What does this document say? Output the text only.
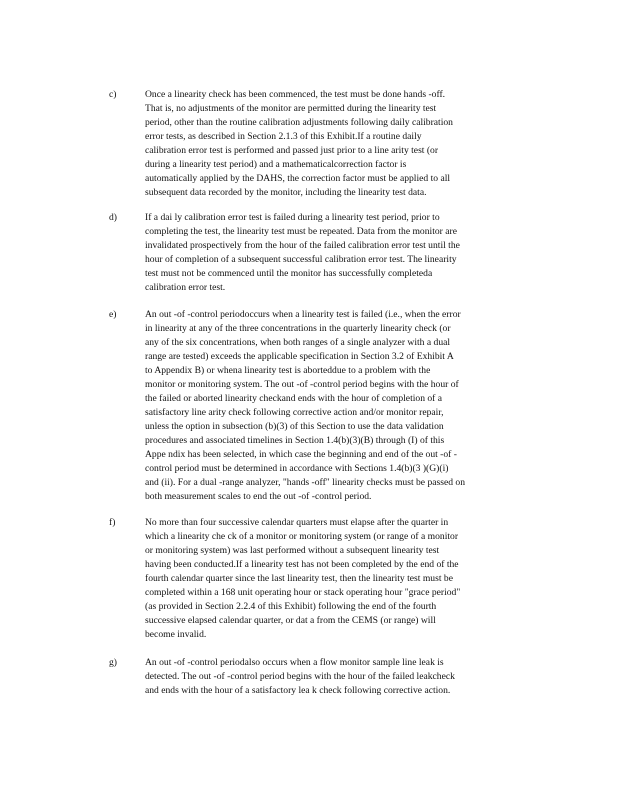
c)	Once a linearity check has been commenced, the test must be done hands -off.
That is, no adjustments of the monitor are permitted during the linearity test
period, other than the routine calibration adjustments following daily calibration
error tests, as described in Section 2.1.3 of this Exhibit.If a routine daily
calibration error test is performed and passed just prior to a line arity test (or
during a linearity test period) and a mathematicalcorrection factor is
automatically applied by the DAHS, the correction factor must be applied to all
subsequent data recorded by the monitor, including the linearity test data.
d)	If a dai ly calibration error test is failed during a linearity test period, prior to
completing the test, the linearity test must be repeated. Data from the monitor are
invalidated prospectively from the hour of the failed calibration error test until the
hour of completion of a subsequent successful calibration error test. The linearity
test must not be commenced until the monitor has successfully completeda
calibration error test.
e)	An out -of -control periodoccurs when a linearity test is failed (i.e., when the error
in linearity at any of the three concentrations in the quarterly linearity check (or
any of the six concentrations, when both ranges of a single analyzer with a dual
range are tested) exceeds the applicable specification in Section 3.2 of Exhibit A
to Appendix B) or whena linearity test is aborteddue to a problem with the
monitor or monitoring system. The out -of -control period begins with the hour of
the failed or aborted linearity checkand ends with the hour of completion of a
satisfactory line arity check following corrective action and/or monitor repair,
unless the option in subsection (b)(3) of this Section to use the data validation
procedures and associated timelines in Section 1.4(b)(3)(B) through (I) of this
Appe ndix has been selected, in which case the beginning and end of the out -of -
control period must be determined in accordance with Sections 1.4(b)(3 )(G)(i)
and (ii). For a dual -range analyzer, "hands -off" linearity checks must be passed on
both measurement scales to end the out -of -control period.
f)	No more than four successive calendar quarters must elapse after the quarter in
which a linearity che ck of a monitor or monitoring system (or range of a monitor
or monitoring system) was last performed without a subsequent linearity test
having been conducted.If a linearity test has not been completed by the end of the
fourth calendar quarter since the last linearity test, then the linearity test must be
completed within a 168 unit operating hour or stack operating hour "grace period"
(as provided in Section 2.2.4 of this Exhibit) following the end of the fourth
successive elapsed calendar quarter, or dat a from the CEMS (or range) will
become invalid.
g)	An out -of -control periodalso occurs when a flow monitor sample line leak is
detected. The out -of -control period begins with the hour of the failed leakcheck
and ends with the hour of a satisfactory lea k check following corrective action.
